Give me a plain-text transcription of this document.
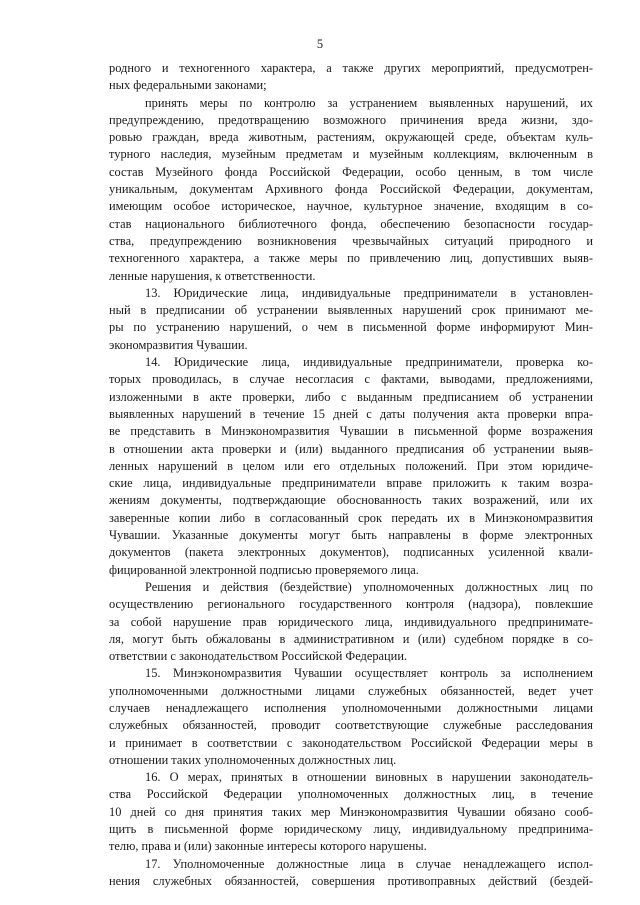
5
родного и техногенного характера, а также других мероприятий, предусмотрен-
ных федеральными законами;
принять меры по контролю за устранением выявленных нарушений, их
предупреждению, предотвращению возможного причинения вреда жизни, здо-
ровью граждан, вреда животным, растениям, окружающей среде, объектам куль-
турного наследия, музейным предметам и музейным коллекциям, включенным в
состав Музейного фонда Российской Федерации, особо ценным, в том числе
уникальным, документам Архивного фонда Российской Федерации, документам,
имеющим особое историческое, научное, культурное значение, входящим в со-
став национального библиотечного фонда, обеспечению безопасности государ-
ства, предупреждению возникновения чрезвычайных ситуаций природного и
техногенного характера, а также меры по привлечению лиц, допустивших выяв-
ленные нарушения, к ответственности.
13. Юридические лица, индивидуальные предприниматели в установлен-
ный в предписании об устранении выявленных нарушений срок принимают ме-
ры по устранению нарушений, о чем в письменной форме информируют Мин-
экономразвития Чувашии.
14. Юридические лица, индивидуальные предприниматели, проверка ко-
торых проводилась, в случае несогласия с фактами, выводами, предложениями,
изложенными в акте проверки, либо с выданным предписанием об устранении
выявленных нарушений в течение 15 дней с даты получения акта проверки впра-
ве представить в Минэкономразвития Чувашии в письменной форме возражения
в отношении акта проверки и (или) выданного предписания об устранении выяв-
ленных нарушений в целом или его отдельных положений. При этом юридиче-
ские лица, индивидуальные предприниматели вправе приложить к таким возра-
жениям документы, подтверждающие обоснованность таких возражений, или их
заверенные копии либо в согласованный срок передать их в Минэкономразвития
Чувашии. Указанные документы могут быть направлены в форме электронных
документов (пакета электронных документов), подписанных усиленной квали-
фицированной электронной подписью проверяемого лица.
Решения и действия (бездействие) уполномоченных должностных лиц по
осуществлению регионального государственного контроля (надзора), повлекшие
за собой нарушение прав юридического лица, индивидуального предпринимате-
ля, могут быть обжалованы в административном и (или) судебном порядке в со-
ответствии с законодательством Российской Федерации.
15. Минэкономразвития Чувашии осуществляет контроль за исполнением
уполномоченными должностными лицами служебных обязанностей, ведет учет
случаев ненадлежащего исполнения уполномоченными должностными лицами
служебных обязанностей, проводит соответствующие служебные расследования
и принимает в соответствии с законодательством Российской Федерации меры в
отношении таких уполномоченных должностных лиц.
16. О мерах, принятых в отношении виновных в нарушении законодатель-
ства Российской Федерации уполномоченных должностных лиц, в течение
10 дней со дня принятия таких мер Минэкономразвития Чувашии обязано сооб-
щить в письменной форме юридическому лицу, индивидуальному предпринима-
телю, права и (или) законные интересы которого нарушены.
17. Уполномоченные должностные лица в случае ненадлежащего испол-
нения служебных обязанностей, совершения противоправных действий (бездей-
